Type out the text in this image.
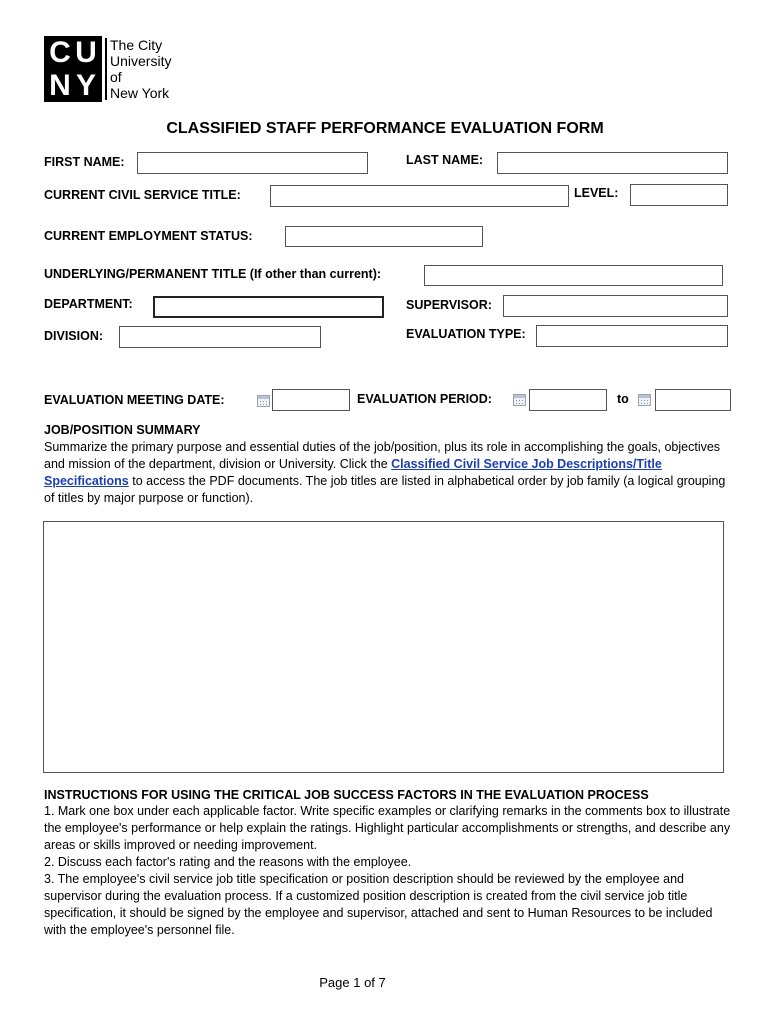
C U
N Y
The City
University
of
New York
CLASSIFIED STAFF PERFORMANCE EVALUATION FORM
FIRST NAME:	LAST NAME:
CURRENT CIVIL SERVICE TITLE:	LEVEL:
CURRENT EMPLOYMENT STATUS:
UNDERLYING/PERMANENT TITLE (If other than current):
DEPARTMENT:	SUPERVISOR:
DIVISION:	EVALUATION TYPE:
EVALUATION MEETING DATE:	EVALUATION PERIOD:	to
JOB/POSITION SUMMARY
Summarize the primary purpose and essential duties of the job/position, plus its role in accomplishing the goals, objectives and mission of the department, division or University. Click the Classified Civil Service Job Descriptions/Title Specifications to access the PDF documents. The job titles are listed in alphabetical order by job family (a logical grouping of titles by major purpose or function).
INSTRUCTIONS FOR USING THE CRITICAL JOB SUCCESS FACTORS IN THE EVALUATION PROCESS
1. Mark one box under each applicable factor. Write specific examples or clarifying remarks in the comments box to illustrate the employee's performance or help explain the ratings. Highlight particular accomplishments or strengths, and describe any areas or skills improved or needing improvement.
2. Discuss each factor's rating and the reasons with the employee.
3. The employee's civil service job title specification or position description should be reviewed by the employee and supervisor during the evaluation process. If a customized position description is created from the civil service job title specification, it should be signed by the employee and supervisor, attached and sent to Human Resources to be included with the employee's personnel file.
Page 1 of 7
